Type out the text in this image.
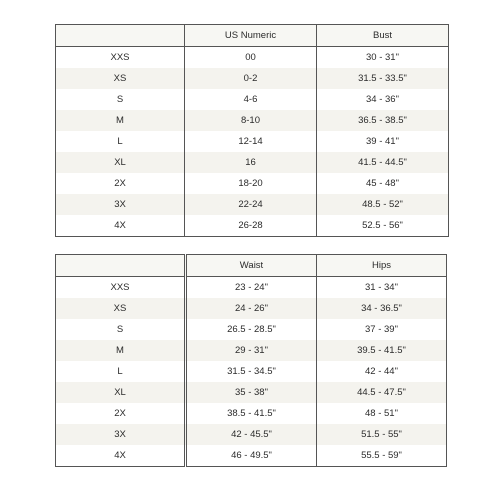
	US Numeric	Bust
XXS	00	30 - 31"
XS	0-2	31.5 - 33.5"
S	4-6	34 - 36"
M	8-10	36.5 - 38.5"
L	12-14	39 - 41"
XL	16	41.5 - 44.5"
2X	18-20	45 - 48"
3X	22-24	48.5 - 52"
4X	26-28	52.5 - 56"
	Waist	Hips
XXS	23 - 24"	31 - 34"
XS	24 - 26"	34 - 36.5"
S	26.5 - 28.5"	37 - 39"
M	29 - 31"	39.5 - 41.5"
L	31.5 - 34.5"	42 - 44"
XL	35 - 38"	44.5 - 47.5"
2X	38.5 - 41.5"	48 - 51"
3X	42 - 45.5"	51.5 - 55"
4X	46 - 49.5"	55.5 - 59"
